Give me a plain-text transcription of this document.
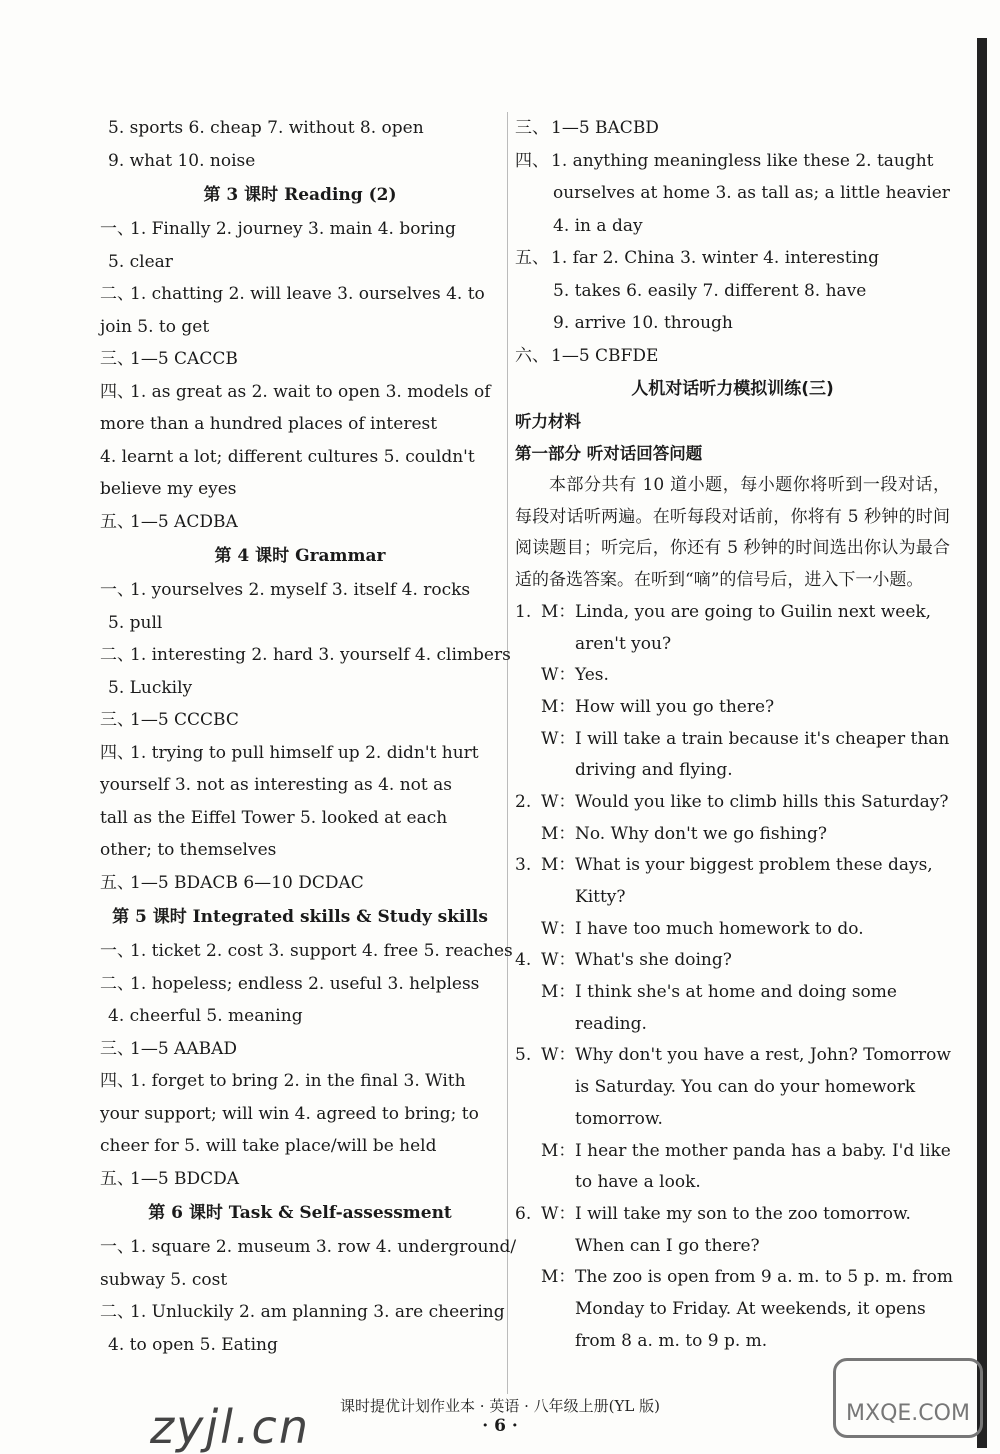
5. sports 6. cheap 7. without 8. open
9. what 10. noise
第 3 课时 Reading (2)
一、
1. Finally 2. journey 3. main 4. boring
5. clear
二、
1. chatting 2. will leave 3. ourselves 4. to
join 5. to get
三、
1—5 CACCB
四、
1. as great as 2. wait to open 3. models of
more than a hundred places of interest
4. learnt a lot; different cultures 5. couldn't
believe my eyes
五、
1—5 ACDBA
第 4 课时 Grammar
一、
1. yourselves 2. myself 3. itself 4. rocks
5. pull
二、
1. interesting 2. hard 3. yourself 4. climbers
5. Luckily
三、
1—5 CCCBC
四、
1. trying to pull himself up 2. didn't hurt
yourself 3. not as interesting as 4. not as
tall as the Eiffel Tower 5. looked at each
other; to themselves
五、
1—5 BDACB 6—10 DCDAC
第 5 课时 Integrated skills & Study skills
一、
1. ticket 2. cost 3. support 4. free 5. reaches
二、
1. hopeless; endless 2. useful 3. helpless
4. cheerful 5. meaning
三、
1—5 AABAD
四、
1. forget to bring 2. in the final 3. With
your support; will win 4. agreed to bring; to
cheer for 5. will take place/will be held
五、
1—5 BDCDA
第 6 课时 Task & Self-assessment
一、
1. square 2. museum 3. row 4. underground/
subway 5. cost
二、
1. Unluckily 2. am planning 3. are cheering
4. to open 5. Eating
三、 1—5 BACBD
四、 1. anything meaningless like these 2. taught
ourselves at home 3. as tall as; a little heavier
4. in a day
五、 1. far 2. China 3. winter 4. interesting
5. takes 6. easily 7. different 8. have
9. arrive 10. through
六、 1—5 CBFDE
人机对话听力模拟训练(三)
听力材料
第一部分 听对话回答问题

本部分共有 10 道小题，每小题你将听到一段对话，每段对话听两遍。在听每段对话前，你将有 5 秒钟的时间阅读题目；听完后，你还有 5 秒钟的时间选出你认为最合适的备选答案。在听到“嘀”的信号后，进入下一小题。

1. M： Linda, you are going to Guilin next week,
aren't you?
W： Yes.
M： How will you go there?
W： I will take a train because it's cheaper than
driving and flying.
2. W： Would you like to climb hills this Saturday?
M： No. Why don't we go fishing?
3. M： What is your biggest problem these days,
Kitty?
W： I have too much homework to do.
4. W： What's she doing?
M： I think she's at home and doing some
reading.
5. W： Why don't you have a rest, John? Tomorrow
is Saturday. You can do your homework
tomorrow.
M： I hear the mother panda has a baby. I'd like
to have a look.
6. W： I will take my son to the zoo tomorrow.
When can I go there?
M： The zoo is open from 9 a. m. to 5 p. m. from
Monday to Friday. At weekends, it opens
from 8 a. m. to 9 p. m.
zyjl.cn	MXQE.COM
课时提优计划作业本 · 英语 · 八年级上册(YL 版)
· 6 ·
